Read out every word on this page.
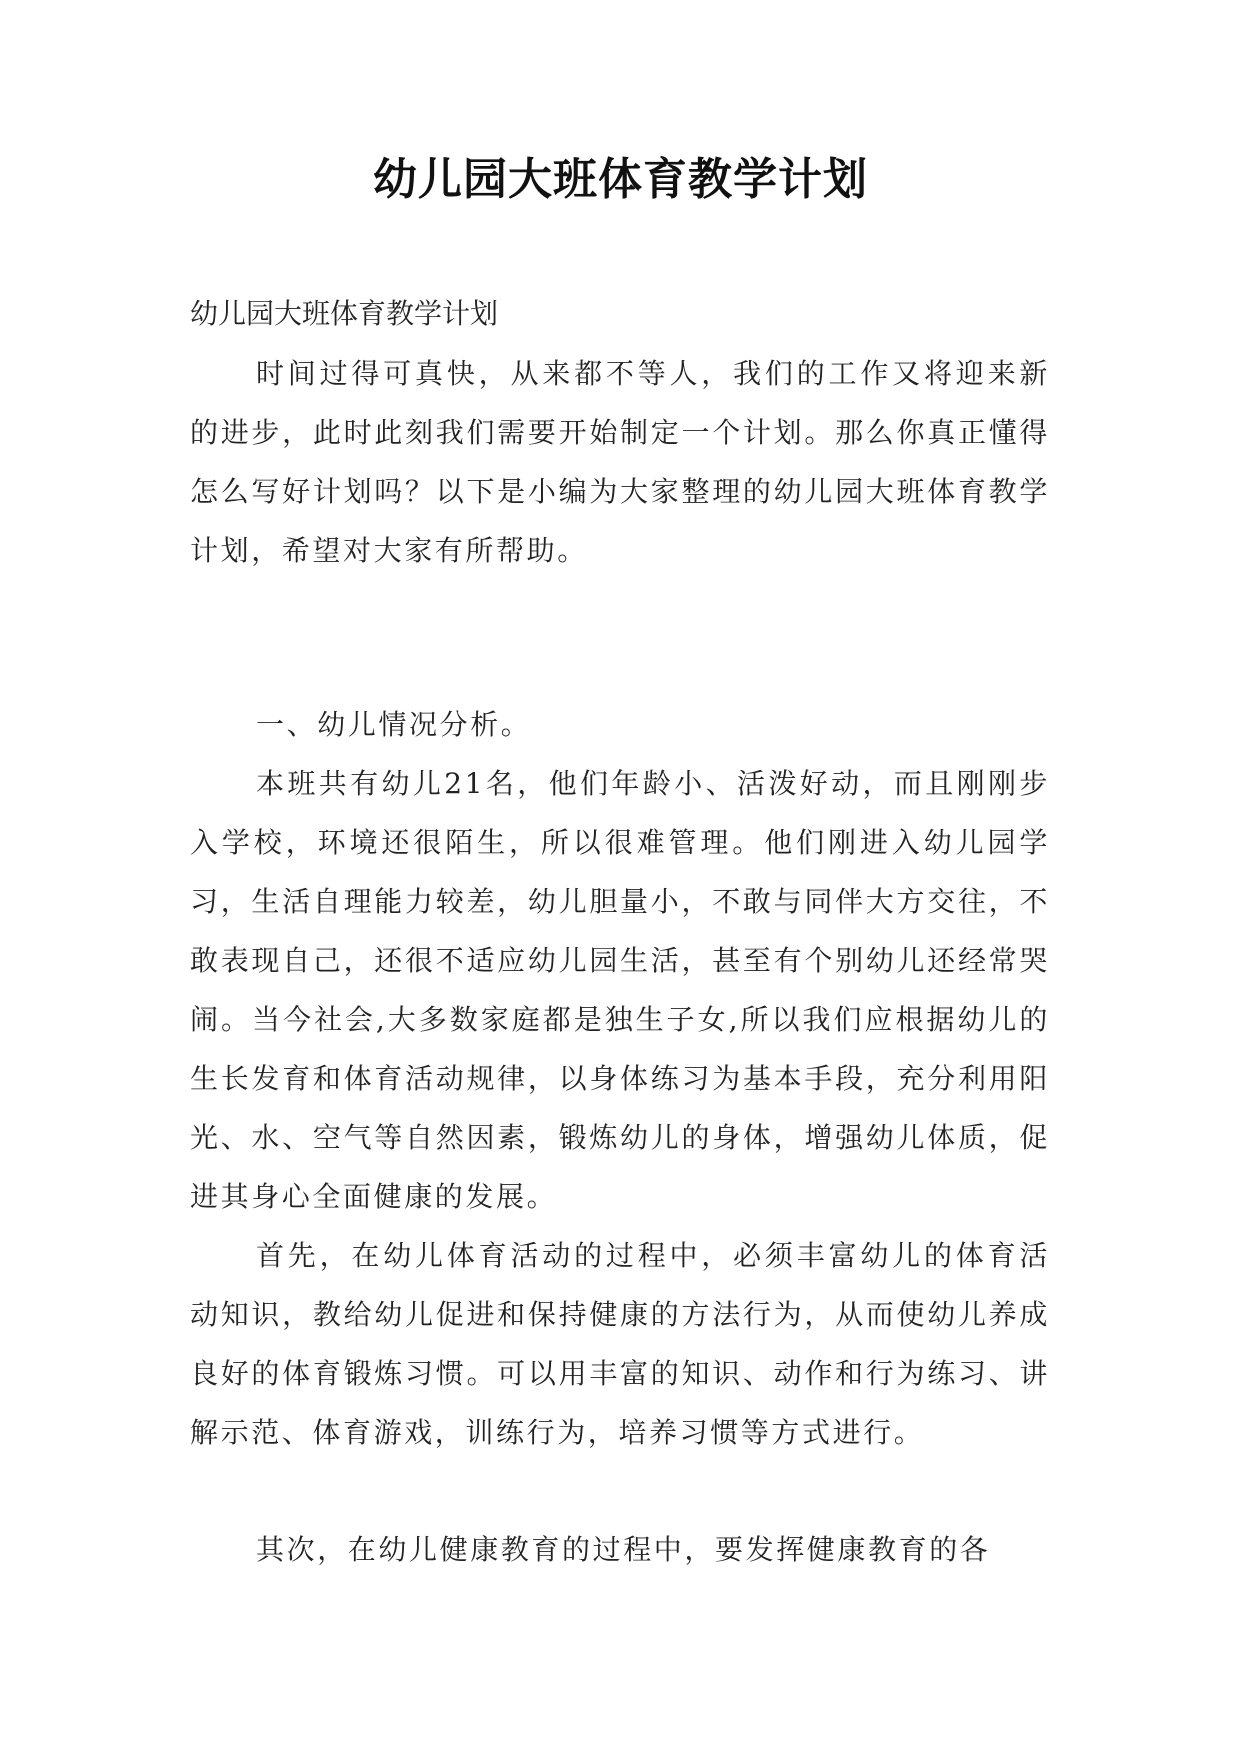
幼儿园大班体育教学计划

幼儿园大班体育教学计划

时间过得可真快，从来都不等人，我们的工作又将迎来新的进步，此时此刻我们需要开始制定一个计划。那么你真正懂得怎么写好计划吗？以下是小编为大家整理的幼儿园大班体育教学计划，希望对大家有所帮助。

一、幼儿情况分析。

本班共有幼儿21名，他们年龄小、活泼好动，而且刚刚步入学校，环境还很陌生，所以很难管理。他们刚进入幼儿园学习，生活自理能力较差，幼儿胆量小，不敢与同伴大方交往，不敢表现自己，还很不适应幼儿园生活，甚至有个别幼儿还经常哭闹。当今社会,大多数家庭都是独生子女,所以我们应根据幼儿的生长发育和体育活动规律，以身体练习为基本手段，充分利用阳光、水、空气等自然因素，锻炼幼儿的身体，增强幼儿体质，促进其身心全面健康的发展。

首先，在幼儿体育活动的过程中，必须丰富幼儿的体育活动知识，教给幼儿促进和保持健康的方法行为，从而使幼儿养成良好的体育锻炼习惯。可以用丰富的知识、动作和行为练习、讲解示范、体育游戏，训练行为，培养习惯等方式进行。

其次，在幼儿健康教育的过程中，要发挥健康教育的各
